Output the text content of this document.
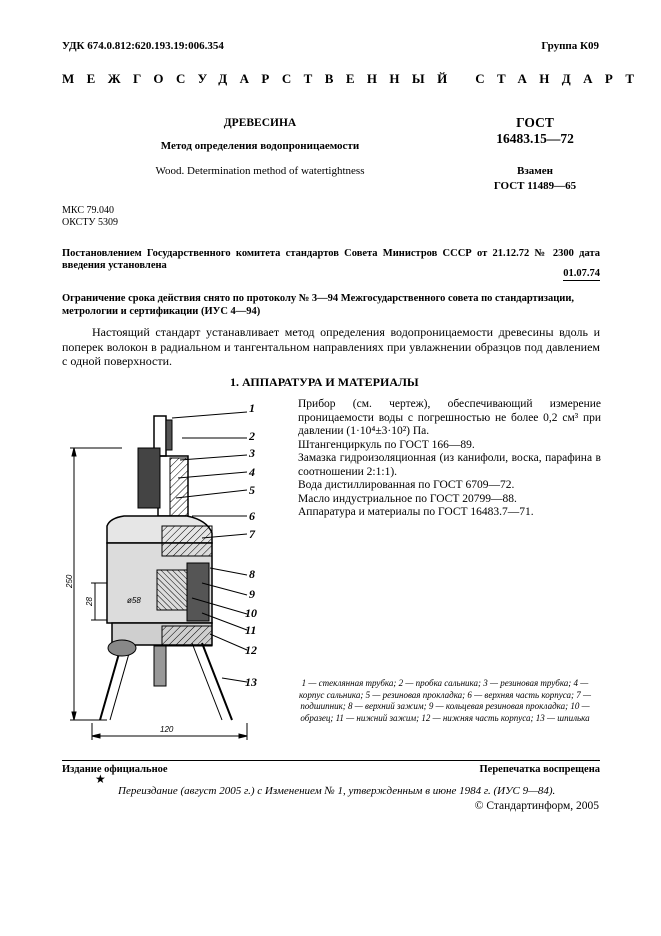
УДК 674.0.812:620.193.19:006.354	Группа К09
МЕЖГОСУДАРСТВЕННЫЙ СТАНДАРТ
ДРЕВЕСИНА
Метод определения водопроницаемости
Wood. Determination method of watertightness
ГОСТ
16483.15—72
Взамен
ГОСТ 11489—65
МКС 79.040
ОКСТУ 5309
Постановлением Государственного комитета стандартов Совета Министров СССР от 21.12.72 № 2300 дата
введения установлена
01.07.74
Ограничение срока действия снято по протоколу № 3—94 Межгосударственного совета по стандартизации, метрологии и сертификации (ИУС 4—94)
Настоящий стандарт устанавливает метод определения водопроницаемости древесины вдоль и поперек волокон в радиальном и тангентальном направлениях при увлажнении образцов под давлением с одной поверхности.
1. АППАРАТУРА И МАТЕРИАЛЫ

Прибор (см. чертеж), обеспечивающий измерение проницаемости воды с погрешностью не более 0,2 см³ при давлении (1·10⁴±3·10²) Па.

Штангенциркуль по ГОСТ 166—89.

Замазка гидроизоляционная (из канифоли, воска, парафина в соотношении 2:1:1).

Вода дистиллированная по ГОСТ 6709—72.

Масло индустриальное по ГОСТ 20799—88.

Аппаратура и материалы по ГОСТ 16483.7—71.

1
2
3
4
5
6
7
8
9
10
11
12
13
250
28	ø58
120
1 — стеклянная трубка; 2 — пробка сальника; 3 — резиновая трубка; 4 — корпус сальника; 5 — резиновая прокладка; 6 — верхняя часть корпуса; 7 — подшипник; 8 — верхний зажим; 9 — кольцевая резиновая прокладка; 10 — образец; 11 — нижний зажим; 12 — нижняя часть корпуса; 13 — шпилька
Издание официальное
★
Перепечатка воспрещена
Переиздание (август 2005 г.) с Изменением № 1, утвержденным в июне 1984 г. (ИУС 9—84).
© Стандартинформ, 2005
